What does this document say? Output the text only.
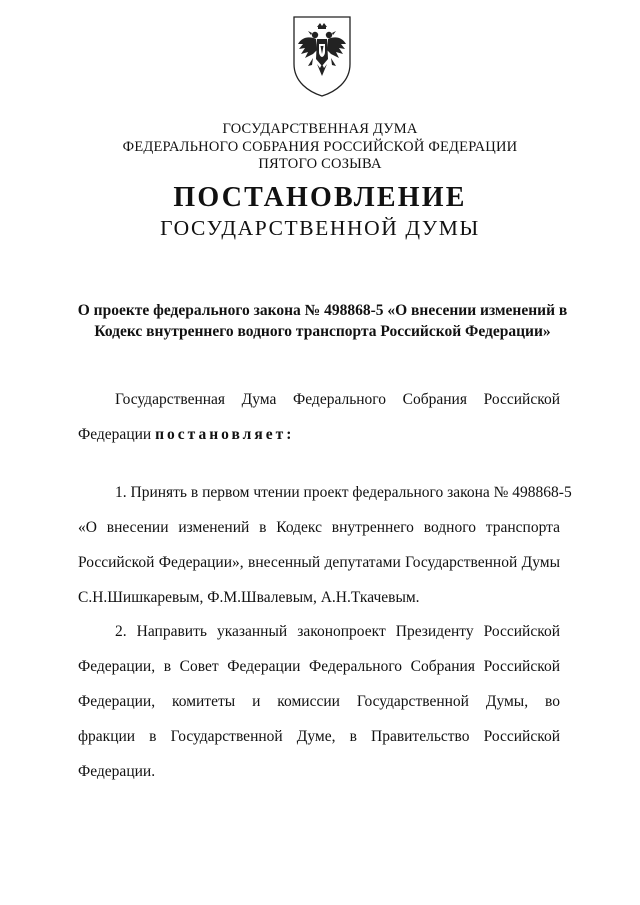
ГОСУДАРСТВЕННАЯ ДУМА
ФЕДЕРАЛЬНОГО СОБРАНИЯ РОССИЙСКОЙ ФЕДЕРАЦИИ
ПЯТОГО СОЗЫВА
ПОСТАНОВЛЕНИЕ
ГОСУДАРСТВЕННОЙ ДУМЫ
О проекте федерального закона № 498868-5 «О внесении изменений в
Кодекс внутреннего водного транспорта Российской Федерации»
Государственная Дума Федерального Собрания Российской
Федерации постановляет:
1. Принять в первом чтении проект федерального закона № 498868-5
«О внесении изменений в Кодекс внутреннего водного транспорта
Российской Федерации», внесенный депутатами Государственной Думы
С.Н.Шишкаревым, Ф.М.Швалевым, А.Н.Ткачевым.
2. Направить указанный законопроект Президенту Российской
Федерации, в Совет Федерации Федерального Собрания Российской
Федерации, комитеты и комиссии Государственной Думы, во
фракции в Государственной Думе, в Правительство Российской
Федерации.
